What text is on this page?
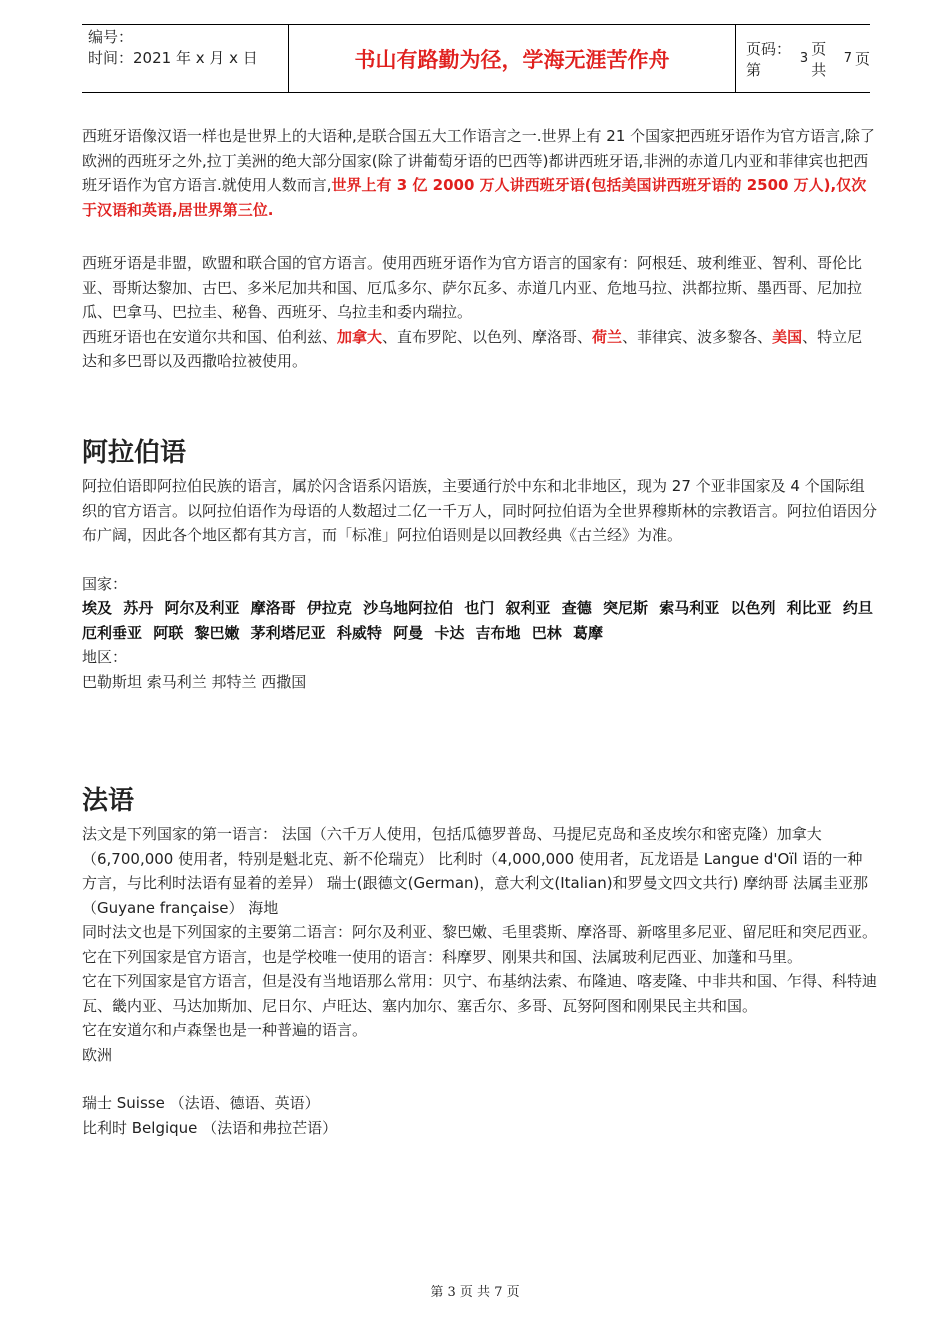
编号：
时间：2021 年 x 月 x 日	书山有路勤为径，学海无涯苦作舟	页码：第
3
页 共
7 页

西班牙语像汉语一样也是世界上的大语种,是联合国五大工作语言之一.世界上有 21 个国家把西班牙语作为官方语言,除了欧洲的西班牙之外,拉丁美洲的绝大部分国家(除了讲葡萄牙语的巴西等)都讲西班牙语,非洲的赤道几内亚和菲律宾也把西班牙语作为官方语言.就使用人数而言,世界上有 3 亿 2000 万人讲西班牙语(包括美国讲西班牙语的 2500 万人),仅次于汉语和英语,居世界第三位.

西班牙语是非盟，欧盟和联合国的官方语言。使用西班牙语作为官方语言的国家有：阿根廷、玻利维亚、智利、哥伦比亚、哥斯达黎加、古巴、多米尼加共和国、厄瓜多尔、萨尔瓦多、赤道几内亚、危地马拉、洪都拉斯、墨西哥、尼加拉瓜、巴拿马、巴拉圭、秘鲁、西班牙、乌拉圭和委内瑞拉。

西班牙语也在安道尔共和国、伯利兹、加拿大、直布罗陀、以色列、摩洛哥、荷兰、菲律宾、波多黎各、美国、特立尼达和多巴哥以及西撒哈拉被使用。

阿拉伯语

阿拉伯语即阿拉伯民族的语言，属於闪含语系闪语族，主要通行於中东和北非地区，现为 27 个亚非国家及 4 个国际组织的官方语言。以阿拉伯语作为母语的人数超过二亿一千万人，同时阿拉伯语为全世界穆斯林的宗教语言。阿拉伯语因分布广阔，因此各个地区都有其方言，而「标准」阿拉伯语则是以回教经典《古兰经》为准。

国家：

埃及 苏丹 阿尔及利亚 摩洛哥 伊拉克 沙乌地阿拉伯 也门 叙利亚 查德 突尼斯 索马利亚 以色列 利比亚 约旦 厄利垂亚 阿联 黎巴嫩 茅利塔尼亚 科威特 阿曼 卡达 吉布地 巴林 葛摩

地区：

巴勒斯坦 索马利兰 邦特兰 西撒国

法语

法文是下列国家的第一语言： 法国（六千万人使用，包括瓜德罗普岛、马提尼克岛和圣皮埃尔和密克隆）加拿大（6,700,000 使用者，特别是魁北克、新不伦瑞克） 比利时（4,000,000 使用者，瓦龙语是 Langue d'Oïl 语的一种方言，与比利时法语有显着的差异） 瑞士(跟德文(German)，意大利文(Italian)和罗曼文四文共行) 摩纳哥 法属圭亚那（Guyane française） 海地

同时法文也是下列国家的主要第二语言：阿尔及利亚、黎巴嫩、毛里裘斯、摩洛哥、新喀里多尼亚、留尼旺和突尼西亚。

它在下列国家是官方语言，也是学校唯一使用的语言：科摩罗、刚果共和国、法属玻利尼西亚、加蓬和马里。

它在下列国家是官方语言，但是没有当地语那么常用：贝宁、布基纳法索、布隆迪、喀麦隆、中非共和国、乍得、科特迪瓦、畿内亚、马达加斯加、尼日尔、卢旺达、塞内加尔、塞舌尔、多哥、瓦努阿图和刚果民主共和国。

它在安道尔和卢森堡也是一种普遍的语言。

欧洲

瑞士 Suisse （法语、德语、英语）

比利时 Belgique （法语和弗拉芒语）

第 3 页 共 7 页
